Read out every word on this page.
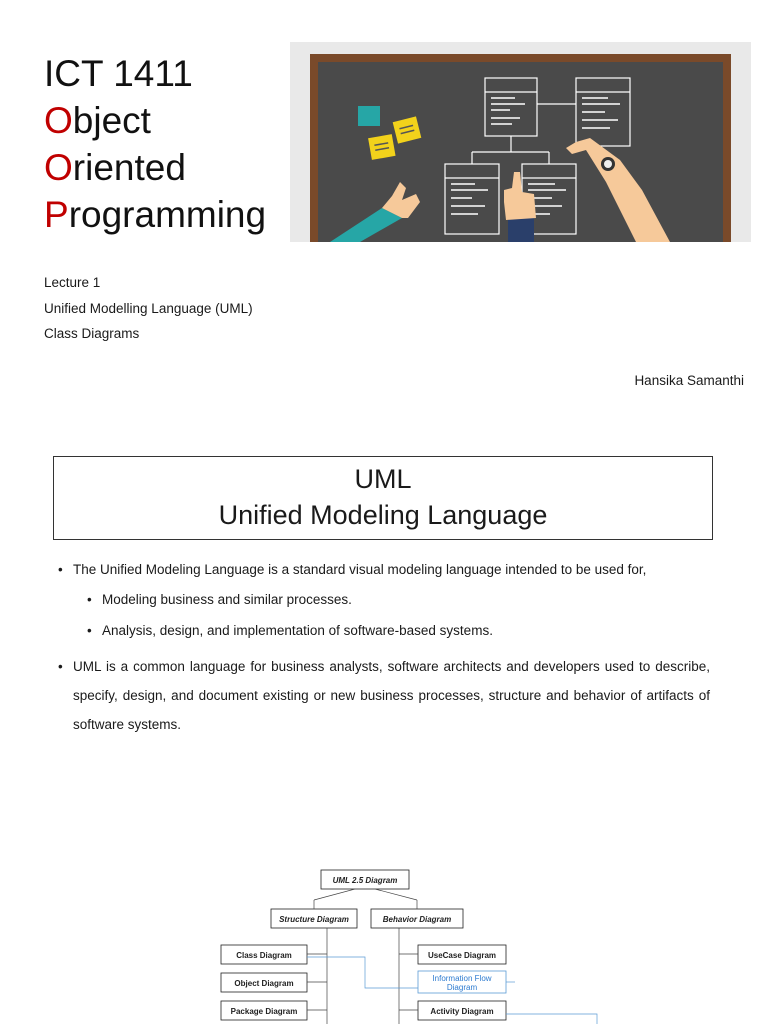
ICT 1411
Object
Oriented
Programming
Lecture 1
Unified Modelling Language (UML)
Class Diagrams
Hansika Samanthi
UML
Unified Modeling Language
• The Unified Modeling Language is a standard visual modeling language intended to be used for,
• Modeling business and similar processes.
• Analysis, design, and implementation of software-based systems.
• UML is a common language for business analysts, software architects and developers used to describe, specify, design, and document existing or new business processes, structure and behavior of artifacts of software systems.
UML 2.5 Diagram
Structure Diagram	Behavior Diagram
Class Diagram
Object Diagram
Package Diagram
UseCase Diagram
Activity Diagram
Information Flow
Diagram
